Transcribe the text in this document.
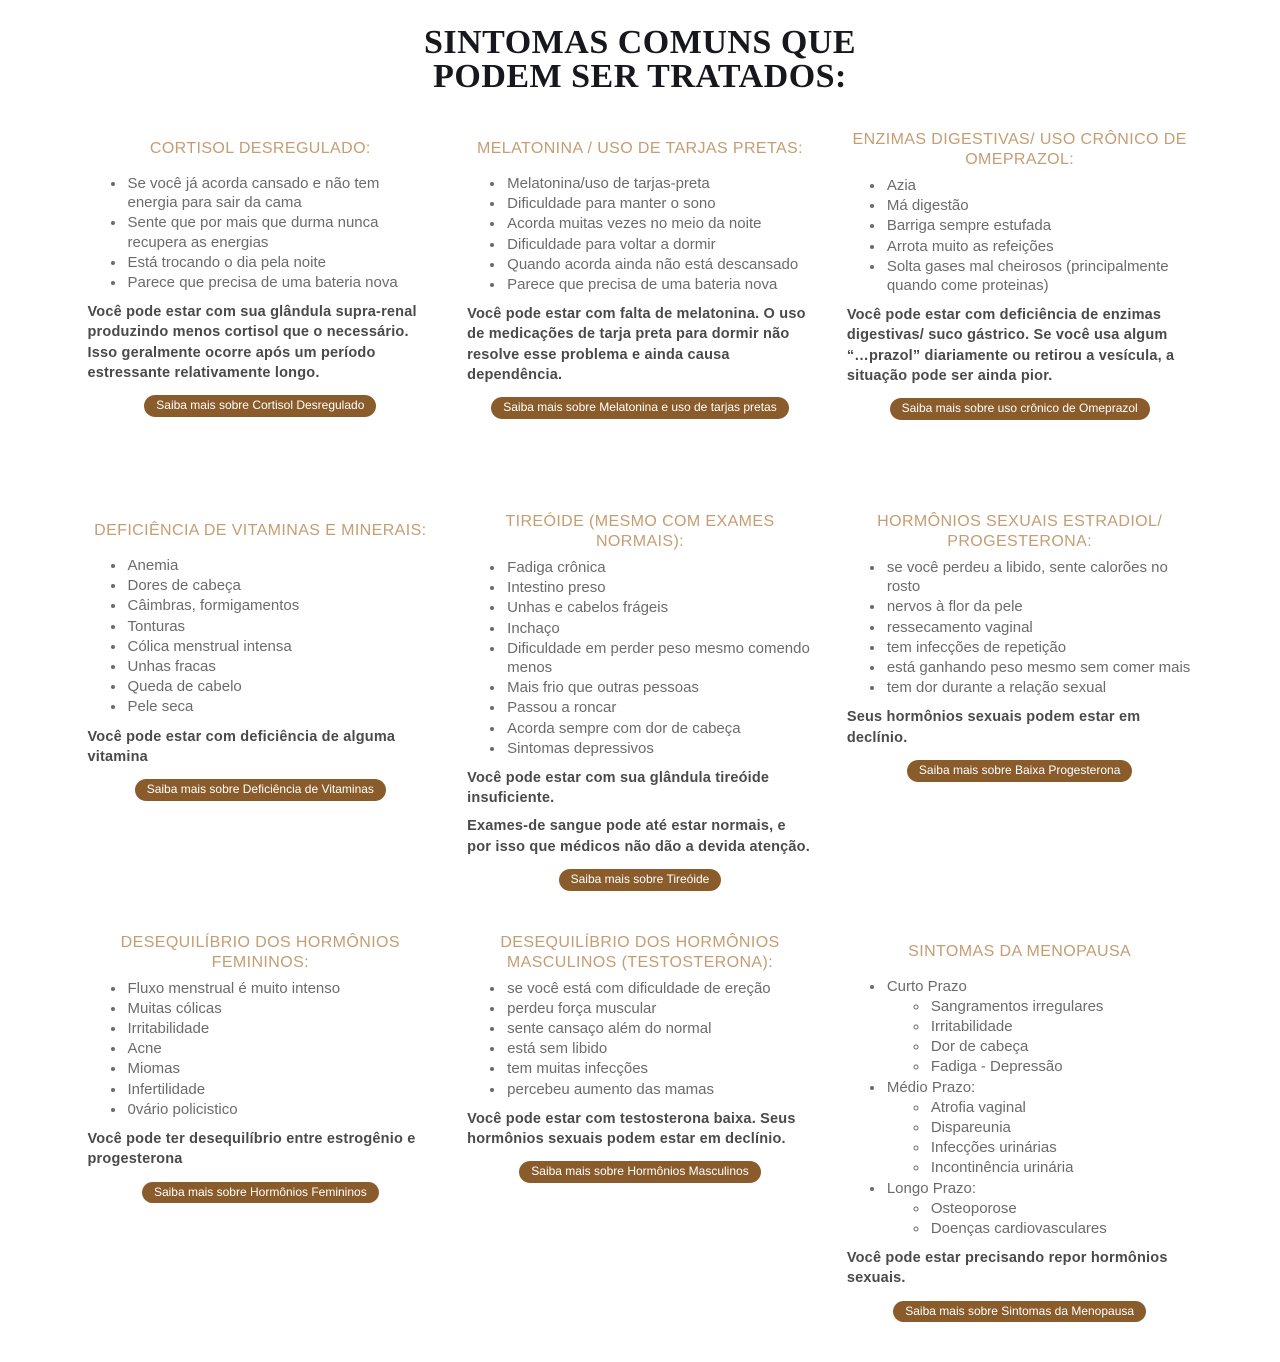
SINTOMAS COMUNS QUE
PODEM SER TRATADOS:
CORTISOL DESREGULADO:
• Se você já acorda cansado e não tem energia para sair da cama
• Sente que por mais que durma nunca recupera as energias
• Está trocando o dia pela noite
• Parece que precisa de uma bateria nova

Você pode estar com sua glândula supra-renal produzindo menos cortisol que o necessário. Isso geralmente ocorre após um período estressante relativamente longo.

Saiba mais sobre Cortisol Desregulado
MELATONINA / USO DE TARJAS PRETAS:
• Melatonina/uso de tarjas-preta
• Dificuldade para manter o sono
• Acorda muitas vezes no meio da noite
• Dificuldade para voltar a dormir
• Quando acorda ainda não está descansado
• Parece que precisa de uma bateria nova

Você pode estar com falta de melatonina. O uso de medicações de tarja preta para dormir não resolve esse problema e ainda causa dependência.

Saiba mais sobre Melatonina e uso de tarjas pretas
ENZIMAS DIGESTIVAS/ USO CRÔNICO DE OMEPRAZOL:
• Azia
• Má digestão
• Barriga sempre estufada
• Arrota muito as refeições
• Solta gases mal cheirosos (principalmente quando come proteinas)

Você pode estar com deficiência de enzimas digestivas/ suco gástrico. Se você usa algum “…prazol” diariamente ou retirou a vesícula, a situação pode ser ainda pior.

Saiba mais sobre uso crônico de Omeprazol
DEFICIÊNCIA DE VITAMINAS E MINERAIS:
• Anemia
• Dores de cabeça
• Câimbras, formigamentos
• Tonturas
• Cólica menstrual intensa
• Unhas fracas
• Queda de cabelo
• Pele seca

Você pode estar com deficiência de alguma vitamina

Saiba mais sobre Deficiência de Vitaminas
TIREÓIDE (MESMO COM EXAMES NORMAIS):
• Fadiga crônica
• Intestino preso
• Unhas e cabelos frágeis
• Inchaço
• Dificuldade em perder peso mesmo comendo menos
• Mais frio que outras pessoas
• Passou a roncar
• Acorda sempre com dor de cabeça
• Sintomas depressivos

Você pode estar com sua glândula tireóide insuficiente.

Exames-de sangue pode até estar normais, e por isso que médicos não dão a devida atenção.

Saiba mais sobre Tireóide
HORMÔNIOS SEXUAIS ESTRADIOL/ PROGESTERONA:
• se você perdeu a libido, sente calorões no rosto
• nervos à flor da pele
• ressecamento vaginal
• tem infecções de repetição
• está ganhando peso mesmo sem comer mais
• tem dor durante a relação sexual

Seus hormônios sexuais podem estar em declínio.

Saiba mais sobre Baixa Progesterona
DESEQUILÍBRIO DOS HORMÔNIOS FEMININOS:
• Fluxo menstrual é muito intenso
• Muitas cólicas
• Irritabilidade
• Acne
• Miomas
• Infertilidade
• 0vário policistico

Você pode ter desequilíbrio entre estrogênio e progesterona

Saiba mais sobre Hormônios Femininos
DESEQUILÍBRIO DOS HORMÔNIOS MASCULINOS (TESTOSTERONA):
• se você está com dificuldade de ereção
• perdeu força muscular
• sente cansaço além do normal
• está sem libido
• tem muitas infecções
• percebeu aumento das mamas

Você pode estar com testosterona baixa. Seus hormônios sexuais podem estar em declínio.

Saiba mais sobre Hormônios Masculinos
SINTOMAS DA MENOPAUSA
• Curto Prazo
◦ Sangramentos irregulares
◦ Irritabilidade
◦ Dor de cabeça
◦ Fadiga - Depressão
• Médio Prazo:
◦ Atrofia vaginal
◦ Dispareunia
◦ Infecções urinárias
◦ Incontinência urinária
• Longo Prazo:
◦ Osteoporose
◦ Doenças cardiovasculares

Você pode estar precisando repor hormônios sexuais.

Saiba mais sobre Sintomas da Menopausa
